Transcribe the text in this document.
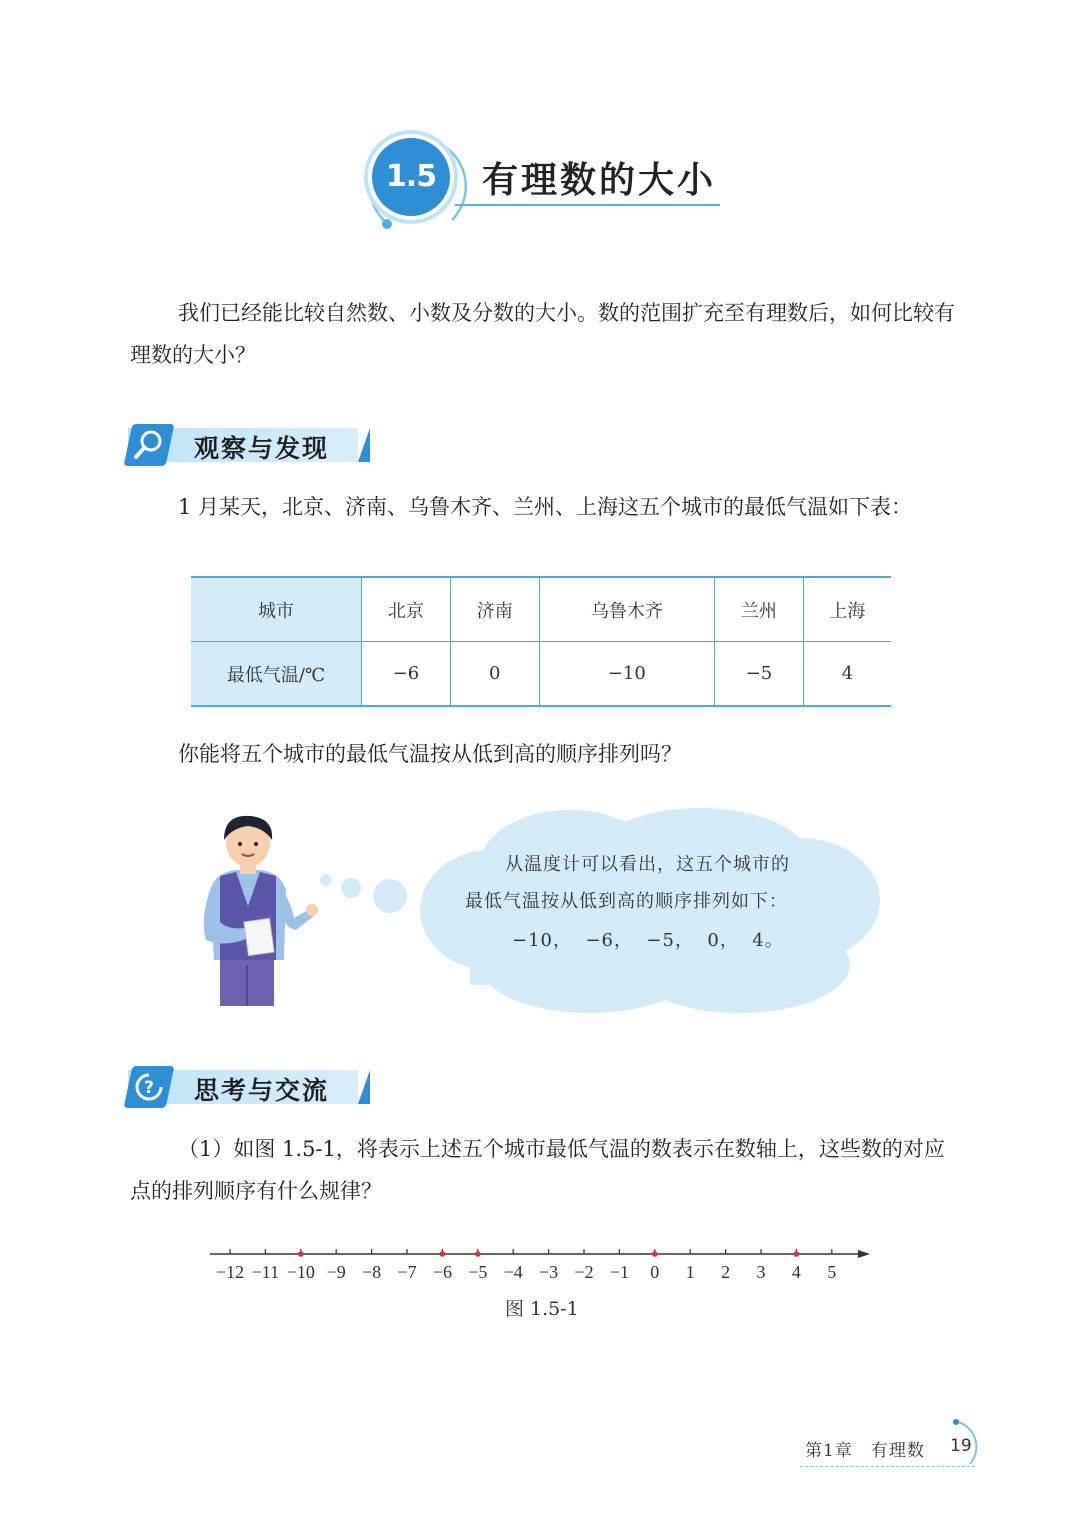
1.5	有理数的大小
我们已经能比较自然数、小数及分数的大小。数的范围扩充至有理数后，如何比较有理数的大小？
观察与发现
1 月某天，北京、济南、乌鲁木齐、兰州、上海这五个城市的最低气温如下表：
城市	北京	济南	乌鲁木齐	兰州	上海
最低气温/℃	−6	0	−10	−5	4
你能将五个城市的最低气温按从低到高的顺序排列吗？
从温度计可以看出，这五个城市的
最低气温按从低到高的顺序排列如下：
−10，  −6，  −5，  0，  4。
? 思考与交流
（1）如图 1.5-1，将表示上述五个城市最低气温的数表示在数轴上，这些数的对应点的排列顺序有什么规律？
−12 −11 −10 −9 −8 −7 −6 −5 −4 −3 −2 −1 0 1 2 3 4 5
图 1.5-1
第1章　有理数 19
